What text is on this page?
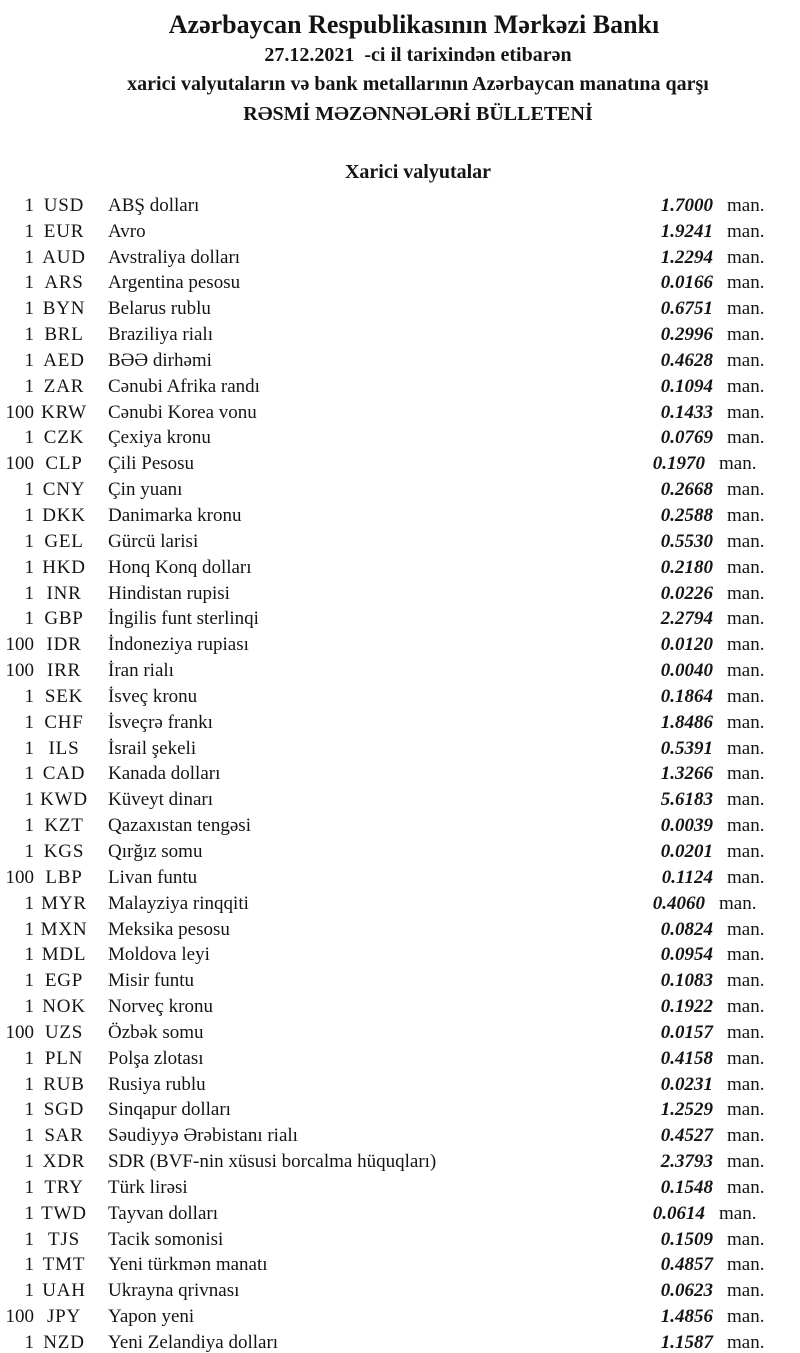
Azərbaycan Respublikasının Mərkəzi Bankı
27.12.2021  -ci il tarixindən etibarən
xarici valyutaların və bank metallarının Azərbaycan manatına qarşı
RƏSMİ MƏZƏNNƏLƏRİ BÜLLETENİ
Xarici valyutalar
1 USD	ABŞ dolları	1.7000 man.
1 EUR	Avro	1.9241 man.
1 AUD	Avstraliya dolları	1.2294 man.
1 ARS	Argentina pesosu	0.0166 man.
1 BYN	Belarus rublu	0.6751 man.
1 BRL	Braziliya rialı	0.2996 man.
1 AED	BƏƏ dirhəmi	0.4628 man.
1 ZAR	Cənubi Afrika randı	0.1094 man.
100 KRW	Cənubi Korea vonu	0.1433 man.
1 CZK	Çexiya kronu	0.0769 man.
100 CLP	Çili Pesosu	0.1970 man.
1 CNY	Çin yuanı	0.2668 man.
1 DKK	Danimarka kronu	0.2588 man.
1 GEL	Gürcü larisi	0.5530 man.
1 HKD	Honq Konq dolları	0.2180 man.
1 INR	Hindistan rupisi	0.0226 man.
1 GBP	İngilis funt sterlinqi	2.2794 man.
100 IDR	İndoneziya rupiası	0.0120 man.
100 IRR	İran rialı	0.0040 man.
1 SEK	İsveç kronu	0.1864 man.
1 CHF	İsveçrə frankı	1.8486 man.
1 ILS	İsrail şekeli	0.5391 man.
1 CAD	Kanada dolları	1.3266 man.
1 KWD	Küveyt dinarı	5.6183 man.
1 KZT	Qazaxıstan tengəsi	0.0039 man.
1 KGS	Qırğız somu	0.0201 man.
100 LBP	Livan funtu	0.1124 man.
1 MYR	Malayziya rinqqiti	0.4060 man.
1 MXN	Meksika pesosu	0.0824 man.
1 MDL	Moldova leyi	0.0954 man.
1 EGP	Misir funtu	0.1083 man.
1 NOK	Norveç kronu	0.1922 man.
100 UZS	Özbək somu	0.0157 man.
1 PLN	Polşa zlotası	0.4158 man.
1 RUB	Rusiya rublu	0.0231 man.
1 SGD	Sinqapur dolları	1.2529 man.
1 SAR	Səudiyyə Ərəbistanı rialı	0.4527 man.
1 XDR	SDR (BVF-nin xüsusi borcalma hüquqları)	2.3793 man.
1 TRY	Türk lirəsi	0.1548 man.
1 TWD	Tayvan dolları	0.0614 man.
1 TJS	Tacik somonisi	0.1509 man.
1 TMT	Yeni türkmən manatı	0.4857 man.
1 UAH	Ukrayna qrivnası	0.0623 man.
100 JPY	Yapon yeni	1.4856 man.
1 NZD	Yeni Zelandiya dolları	1.1587 man.
